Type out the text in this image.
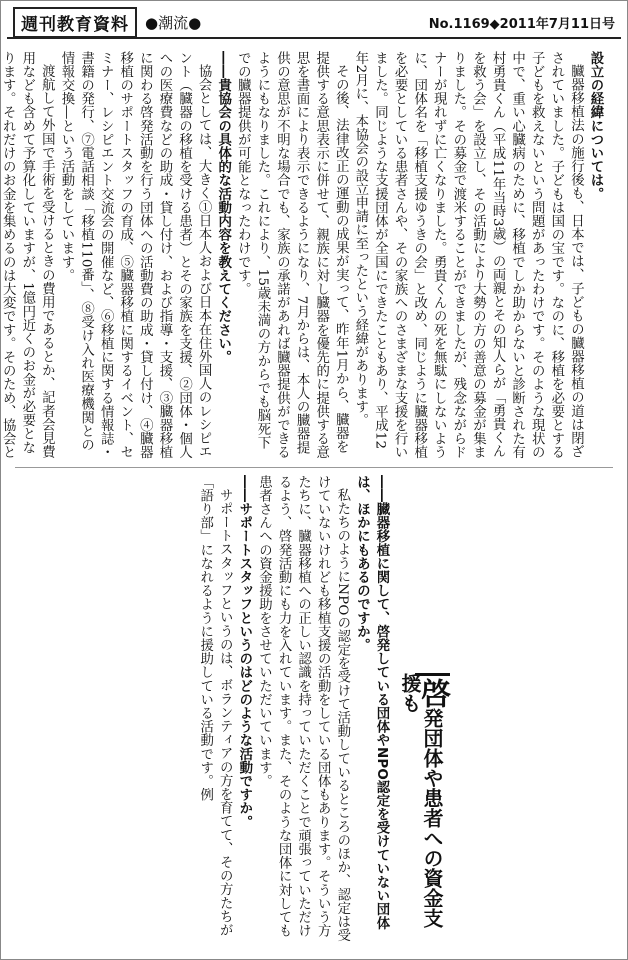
週刊教育資料	●潮流●	No.1169◆2011年7月11日号

設立の経緯については。

臓器移植法の施行後も、日本では、子どもの臓器移植の道は閉ざされていました。子どもは国の宝です。なのに、移植を必要とする子どもを救えないという問題があったわけです。そのような現状の中で、重い心臓病のために、移植でしか助からないと診断された有村勇貴くん（平成11年当時3歳）の両親とその知人らが「勇貴くんを救う会」を設立し、その活動により大勢の方の善意の募金が集まりました。その募金で渡米することができましたが、残念ながらドナーが現れずに亡くなりました。勇貴くんの死を無駄にしないように、団体名を「移植支援ゆうきの会」と改め、同じように臓器移植を必要としている患者さんや、その家族へのさまざまな支援を行いました。同じような支援団体が全国にできたこともあり、平成12年2月に、本協会の設立申請に至ったという経緯があります。

その後、法律改正の運動の成果が実って、昨年1月から、臓器を提供する意思表示に併せて、親族に対し臓器を優先的に提供する意思を書面により表示できるようになり、7月からは、本人の臓器提供の意思が不明な場合でも、家族の承諾があれば臓器提供ができるようにもなりました。これにより、15歳未満の方からでも脳死下での臓器提供が可能となったわけです。

――貴協会の具体的な活動内容を教えてください。

協会としては、大きく①日本人および日本在住外国人のレシピエント（臓器の移植を受ける患者）とその家族を支援、②団体・個人への医療費などの助成・貸し付け、および指導・支援、③臓器移植に関わる啓発活動を行う団体への活動費の助成・貸し付け、④臓器移植のサポートスタッフの育成、⑤臓器移植に関するイベント、セミナー、レシピエント交流会の開催など、⑥移植に関する情報誌・書籍の発行、⑦電話相談「移植110番」、⑧受け入れ医療機関との情報交換―という活動をしています。

渡航して外国で手術を受けるときの費用であるとか、記者会見費用なども含めて予算化していますが、1億円近くのお金が必要となります。それだけのお金を集めるのは大変です。そのため、協会と

啓発団体や患者への資金支援も

――臓器移植に関して、啓発している団体やNPO認定を受けていない団体は、ほかにもあるのですか。

私たちのようにNPOの認定を受けて活動しているところのほか、認定は受けていないけれども移植支援の活動をしている団体もあります。そういう方たちに、臓器移植への正しい認識を持っていただくことで頑張っていただけるよう、啓発活動にも力を入れています。また、そのような団体に対しても患者さんへの資金援助をさせていただいています。

――サポートスタッフというのはどのような活動ですか。

サポートスタッフというのは、ボランティアの方を育てて、その方たちが「語り部」になれるように援助している活動です。例
